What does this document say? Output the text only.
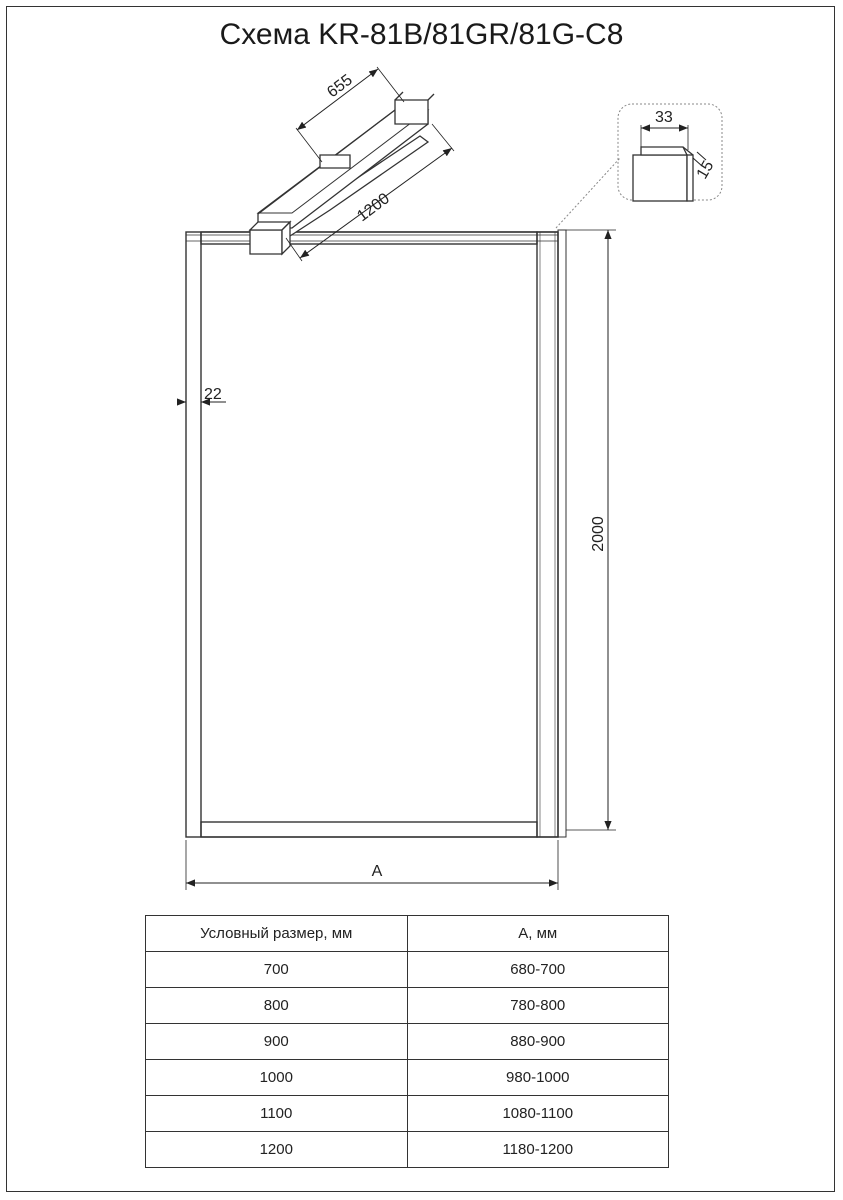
Схема KR-81B/81GR/81G-C8
655
1200
33
15
22
2000
A
Условный размер, мм	A, мм
700	680-700
800	780-800
900	880-900
1000	980-1000
1100	1080-1100
1200	1180-1200
